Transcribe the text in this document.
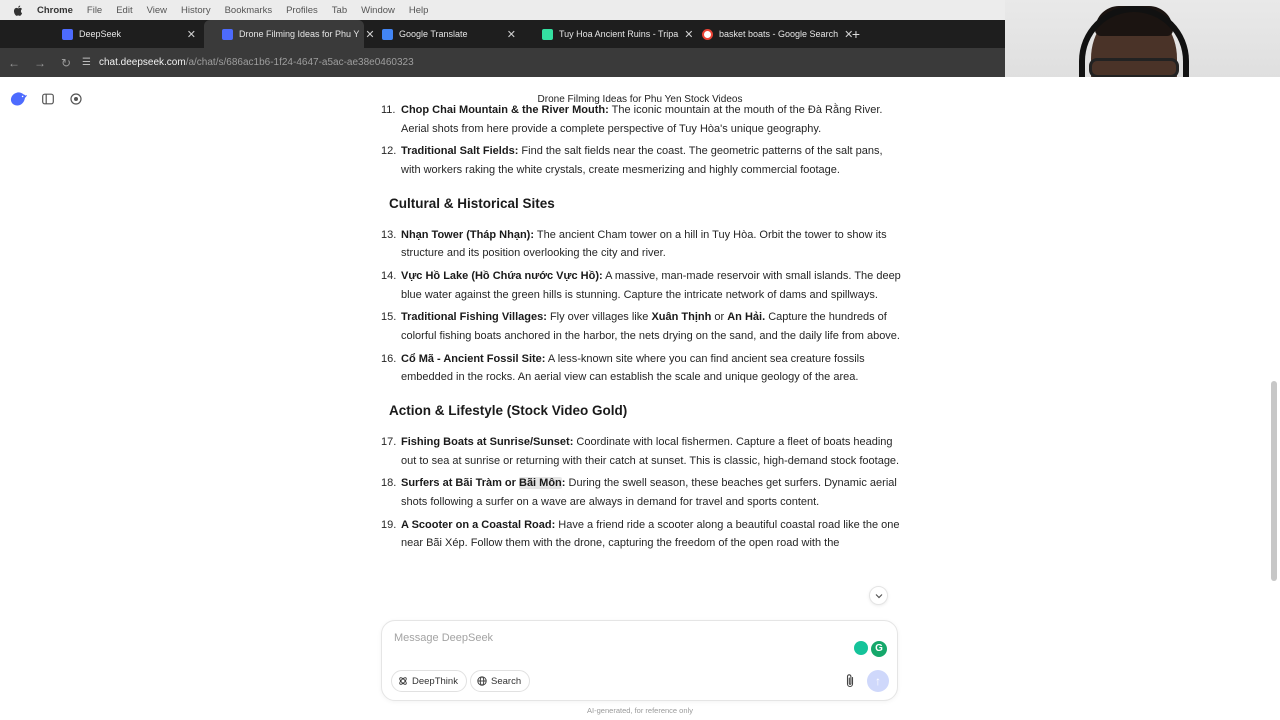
Chrome File Edit View History Bookmarks Profiles Tab Window Help
DeepSeek	✕	Drone Filming Ideas for Phu Y ✕	Google Translate	✕	Tuy Hoa Ancient Ruins - Tripa ✕	basket boats - Google Search ✕
+
←	→	↻	☰ chat.deepseek.com /a/chat/s/686ac1b6-1f24-4647-a5ac-ae38e0460323
Drone Filming Ideas for Phu Yen Stock Videos
11. Chop Chai Mountain & the River Mouth: The iconic mountain at the mouth of the Đà Rằng River. Aerial shots from here provide a complete perspective of Tuy Hòa's unique geography.
12. Traditional Salt Fields: Find the salt fields near the coast. The geometric patterns of the salt pans, with workers raking the white crystals, create mesmerizing and highly commercial footage.
Cultural & Historical Sites
13. Nhạn Tower (Tháp Nhạn): The ancient Cham tower on a hill in Tuy Hòa. Orbit the tower to show its structure and its position overlooking the city and river.
14. Vực Hồ Lake (Hồ Chứa nước Vực Hồ): A massive, man-made reservoir with small islands. The deep blue water against the green hills is stunning. Capture the intricate network of dams and spillways.
15. Traditional Fishing Villages: Fly over villages like Xuân Thịnh or An Hải. Capture the hundreds of colorful fishing boats anchored in the harbor, the nets drying on the sand, and the daily life from above.
16. Cổ Mã - Ancient Fossil Site: A less-known site where you can find ancient sea creature fossils embedded in the rocks. An aerial view can establish the scale and unique geology of the area.
Action & Lifestyle (Stock Video Gold)
17. Fishing Boats at Sunrise/Sunset: Coordinate with local fishermen. Capture a fleet of boats heading out to sea at sunrise or returning with their catch at sunset. This is classic, high-demand stock footage.
18. Surfers at Bãi Tràm or Bãi Môn: During the swell season, these beaches get surfers. Dynamic aerial shots following a surfer on a wave are always in demand for travel and sports content.
19. A Scooter on a Coastal Road: Have a friend ride a scooter along a beautiful coastal road like the one near Bãi Xép. Follow them with the drone, capturing the freedom of the open road with the
Message DeepSeek
G
DeepThink	Search	↑
AI-generated, for reference only
